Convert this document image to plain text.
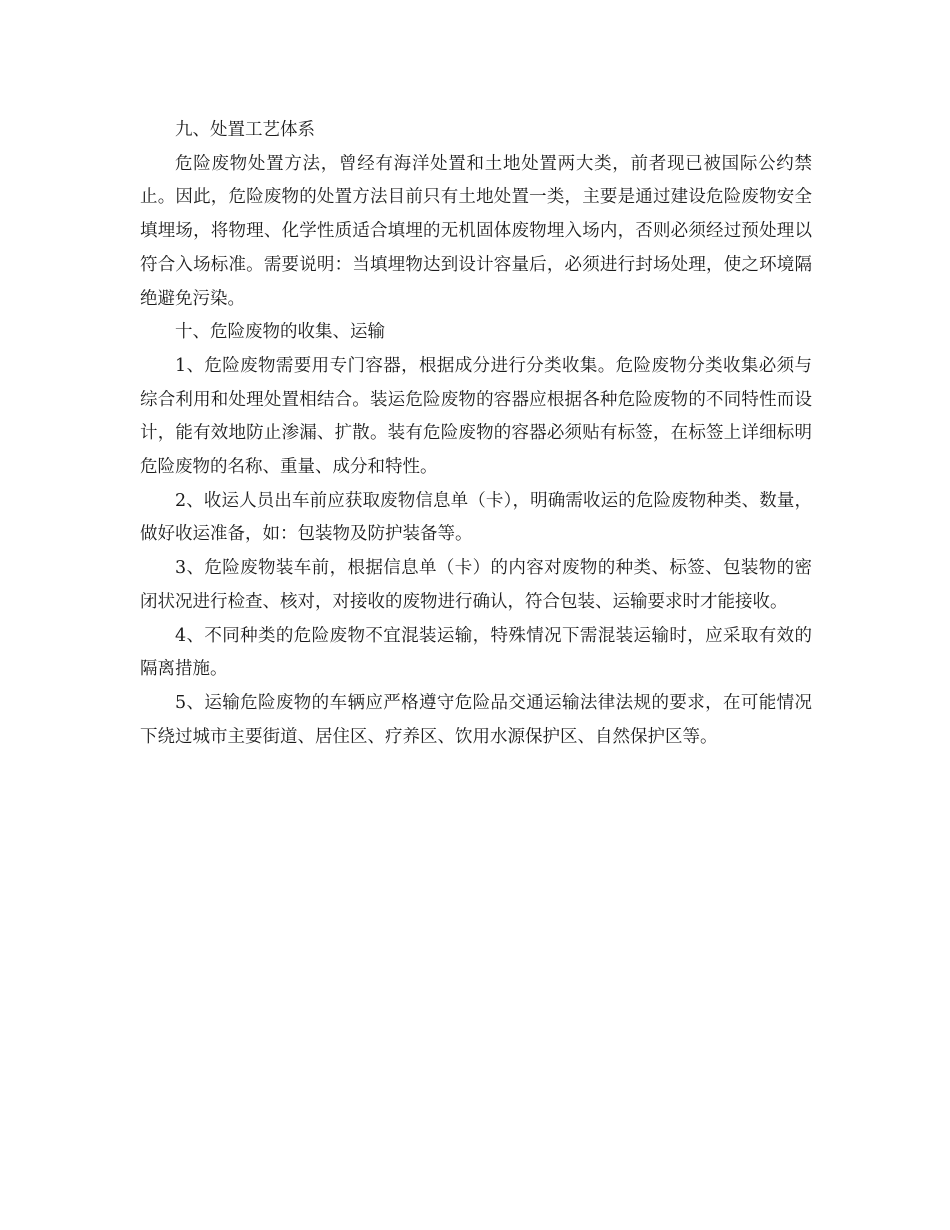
九、处置工艺体系

危险废物处置方法，曾经有海洋处置和土地处置两大类，前者现已被国际公约禁止。因此，危险废物的处置方法目前只有土地处置一类，主要是通过建设危险废物安全填埋场，将物理、化学性质适合填埋的无机固体废物埋入场内，否则必须经过预处理以符合入场标准。需要说明：当填埋物达到设计容量后，必须进行封场处理，使之环境隔绝避免污染。

十、危险废物的收集、运输

1、危险废物需要用专门容器，根据成分进行分类收集。危险废物分类收集必须与综合利用和处理处置相结合。装运危险废物的容器应根据各种危险废物的不同特性而设计，能有效地防止渗漏、扩散。装有危险废物的容器必须贴有标签，在标签上详细标明危险废物的名称、重量、成分和特性。

2、收运人员出车前应获取废物信息单（卡），明确需收运的危险废物种类、数量，做好收运准备，如：包装物及防护装备等。

3、危险废物装车前，根据信息单（卡）的内容对废物的种类、标签、包装物的密闭状况进行检查、核对，对接收的废物进行确认，符合包装、运输要求时才能接收。

4、不同种类的危险废物不宜混装运输，特殊情况下需混装运输时，应采取有效的隔离措施。

5、运输危险废物的车辆应严格遵守危险品交通运输法律法规的要求，在可能情况下绕过城市主要街道、居住区、疗养区、饮用水源保护区、自然保护区等。
